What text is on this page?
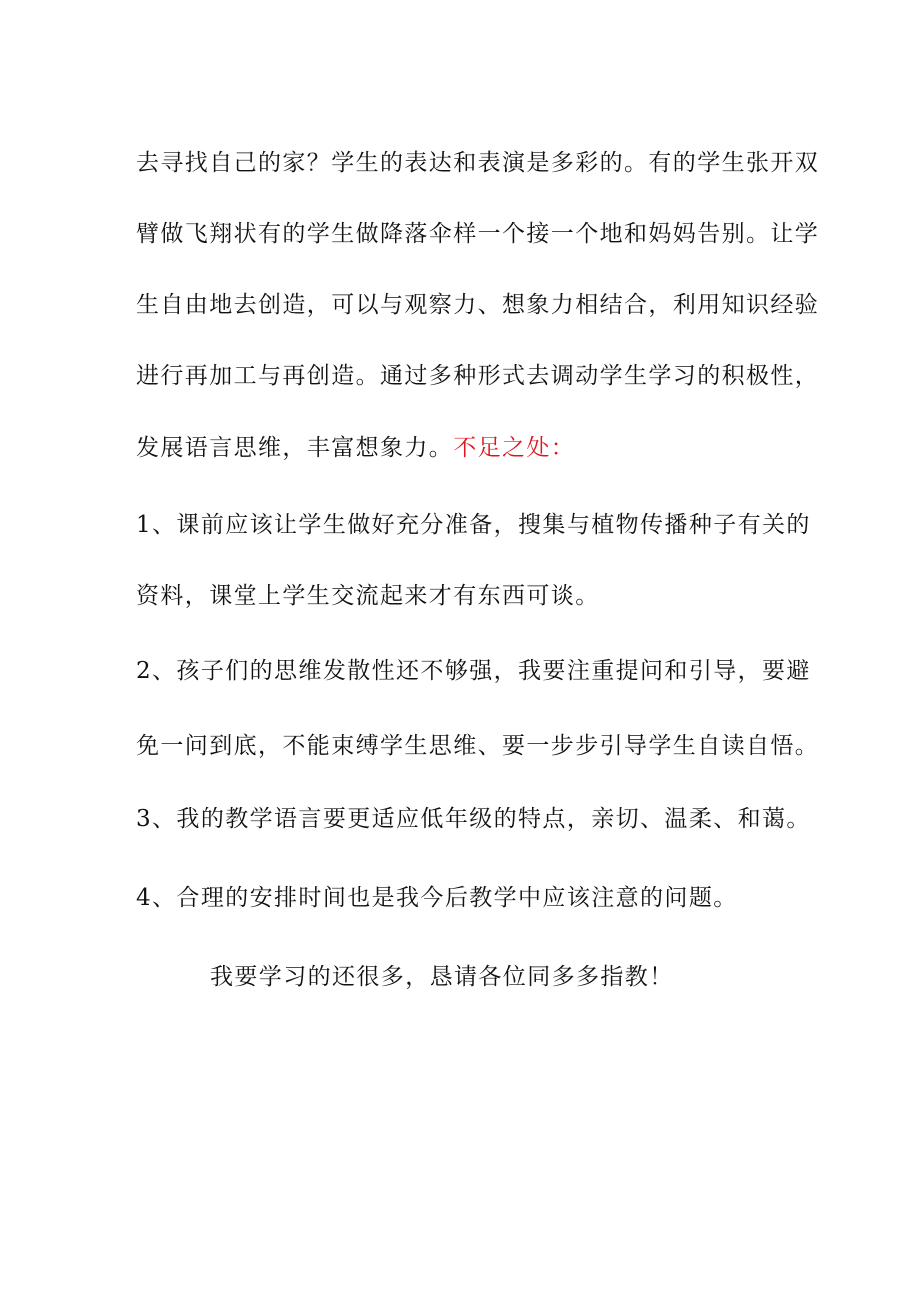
去寻找自己的家？学生的表达和表演是多彩的。有的学生张开双
臂做飞翔状有的学生做降落伞样一个接一个地和妈妈告别。让学
生自由地去创造，可以与观察力、想象力相结合，利用知识经验
进行再加工与再创造。通过多种形式去调动学生学习的积极性，
发展语言思维，丰富想象力。不足之处：
1、课前应该让学生做好充分准备，搜集与植物传播种子有关的
资料，课堂上学生交流起来才有东西可谈。
2、孩子们的思维发散性还不够强，我要注重提问和引导，要避
免一问到底，不能束缚学生思维、要一步步引导学生自读自悟。
3、我的教学语言要更适应低年级的特点，亲切、温柔、和蔼。
4、合理的安排时间也是我今后教学中应该注意的问题。
我要学习的还很多，恳请各位同多多指教！
